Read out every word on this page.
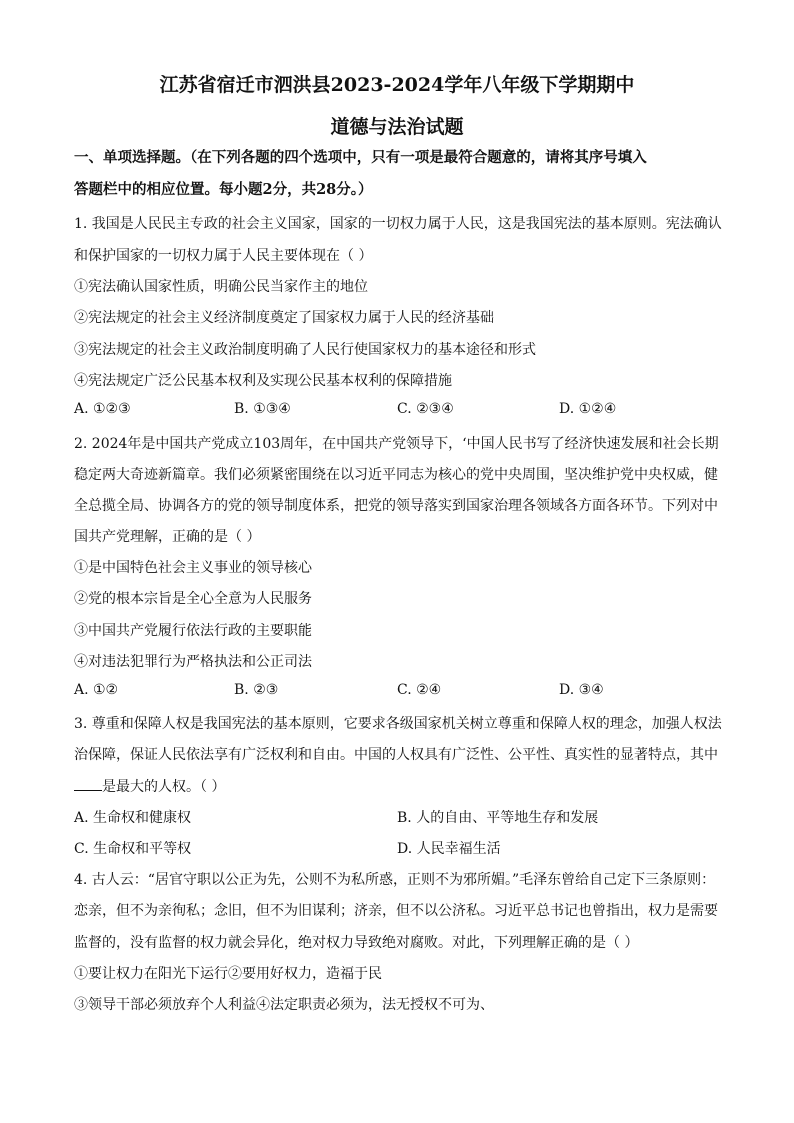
江苏省宿迁市泗洪县2023-2024学年八年级下学期期中
道德与法治试题
一、单项选择题。（在下列各题的四个选项中，只有一项是最符合题意的，请将其序号填入
答题栏中的相应位置。每小题2分，共28分。）
1. 我国是人民民主专政的社会主义国家，国家的一切权力属于人民，这是我国宪法的基本原则。宪法确认
和保护国家的一切权力属于人民主要体现在（ ）
①宪法确认国家性质，明确公民当家作主的地位
②宪法规定的社会主义经济制度奠定了国家权力属于人民的经济基础
③宪法规定的社会主义政治制度明确了人民行使国家权力的基本途径和形式
④宪法规定广泛公民基本权利及实现公民基本权利的保障措施
A. ①②③	B. ①③④	C. ②③④	D. ①②④
2. 2024年是中国共产党成立103周年，在中国共产党领导下，‘中国人民书写了经济快速发展和社会长期
稳定两大奇迹新篇章。我们必须紧密围绕在以习近平同志为核心的党中央周围，坚决维护党中央权威，健
全总揽全局、协调各方的党的领导制度体系，把党的领导落实到国家治理各领域各方面各环节。下列对中
国共产党理解，正确的是（ ）
①是中国特色社会主义事业的领导核心
②党的根本宗旨是全心全意为人民服务
③中国共产党履行依法行政的主要职能
④对违法犯罪行为严格执法和公正司法
A. ①②	B. ②③	C. ②④	D. ③④
3. 尊重和保障人权是我国宪法的基本原则，它要求各级国家机关树立尊重和保障人权的理念，加强人权法
治保障，保证人民依法享有广泛权利和自由。中国的人权具有广泛性、公平性、真实性的显著特点，其中
是最大的人权。（ ）
A. 生命权和健康权	B. 人的自由、平等地生存和发展
C. 生命权和平等权	D. 人民幸福生活
4. 古人云：“居官守职以公正为先，公则不为私所惑，正则不为邪所媚。”毛泽东曾给自己定下三条原则：
恋亲，但不为亲徇私；念旧，但不为旧谋利；济亲，但不以公济私。习近平总书记也曾指出，权力是需要
监督的，没有监督的权力就会异化，绝对权力导致绝对腐败。对此，下列理解正确的是（ ）
①要让权力在阳光下运行②要用好权力，造福于民
③领导干部必须放弃个人利益④法定职责必须为，法无授权不可为、
